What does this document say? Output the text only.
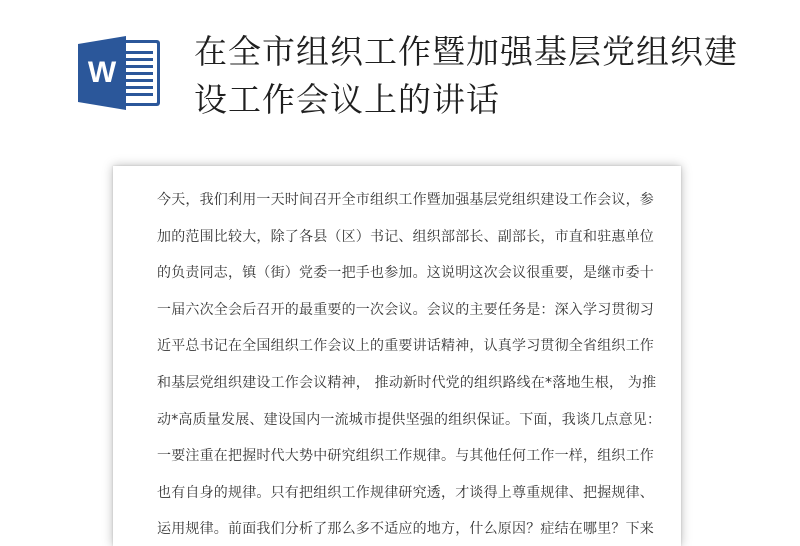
W
在全市组织工作暨加强基层党组织建设工作会议上的讲话
今天，我们利用一天时间召开全市组织工作暨加强基层党组织建设工作会议，参
加的范围比较大，除了各县（区）书记、组织部部长、副部长，市直和驻惠单位
的负责同志，镇（街）党委一把手也参加。这说明这次会议很重要，是继市委十
一届六次全会后召开的最重要的一次会议。会议的主要任务是：深入学习贯彻习
近平总书记在全国组织工作会议上的重要讲话精神，认真学习贯彻全省组织工作
和基层党组织建设工作会议精神， 推动新时代党的组织路线在*落地生根， 为推
动*高质量发展、建设国内一流城市提供坚强的组织保证。下面，我谈几点意见：
一要注重在把握时代大势中研究组织工作规律。与其他任何工作一样，组织工作
也有自身的规律。只有把组织工作规律研究透，才谈得上尊重规律、把握规律、
运用规律。前面我们分析了那么多不适应的地方，什么原因？症结在哪里？下来
